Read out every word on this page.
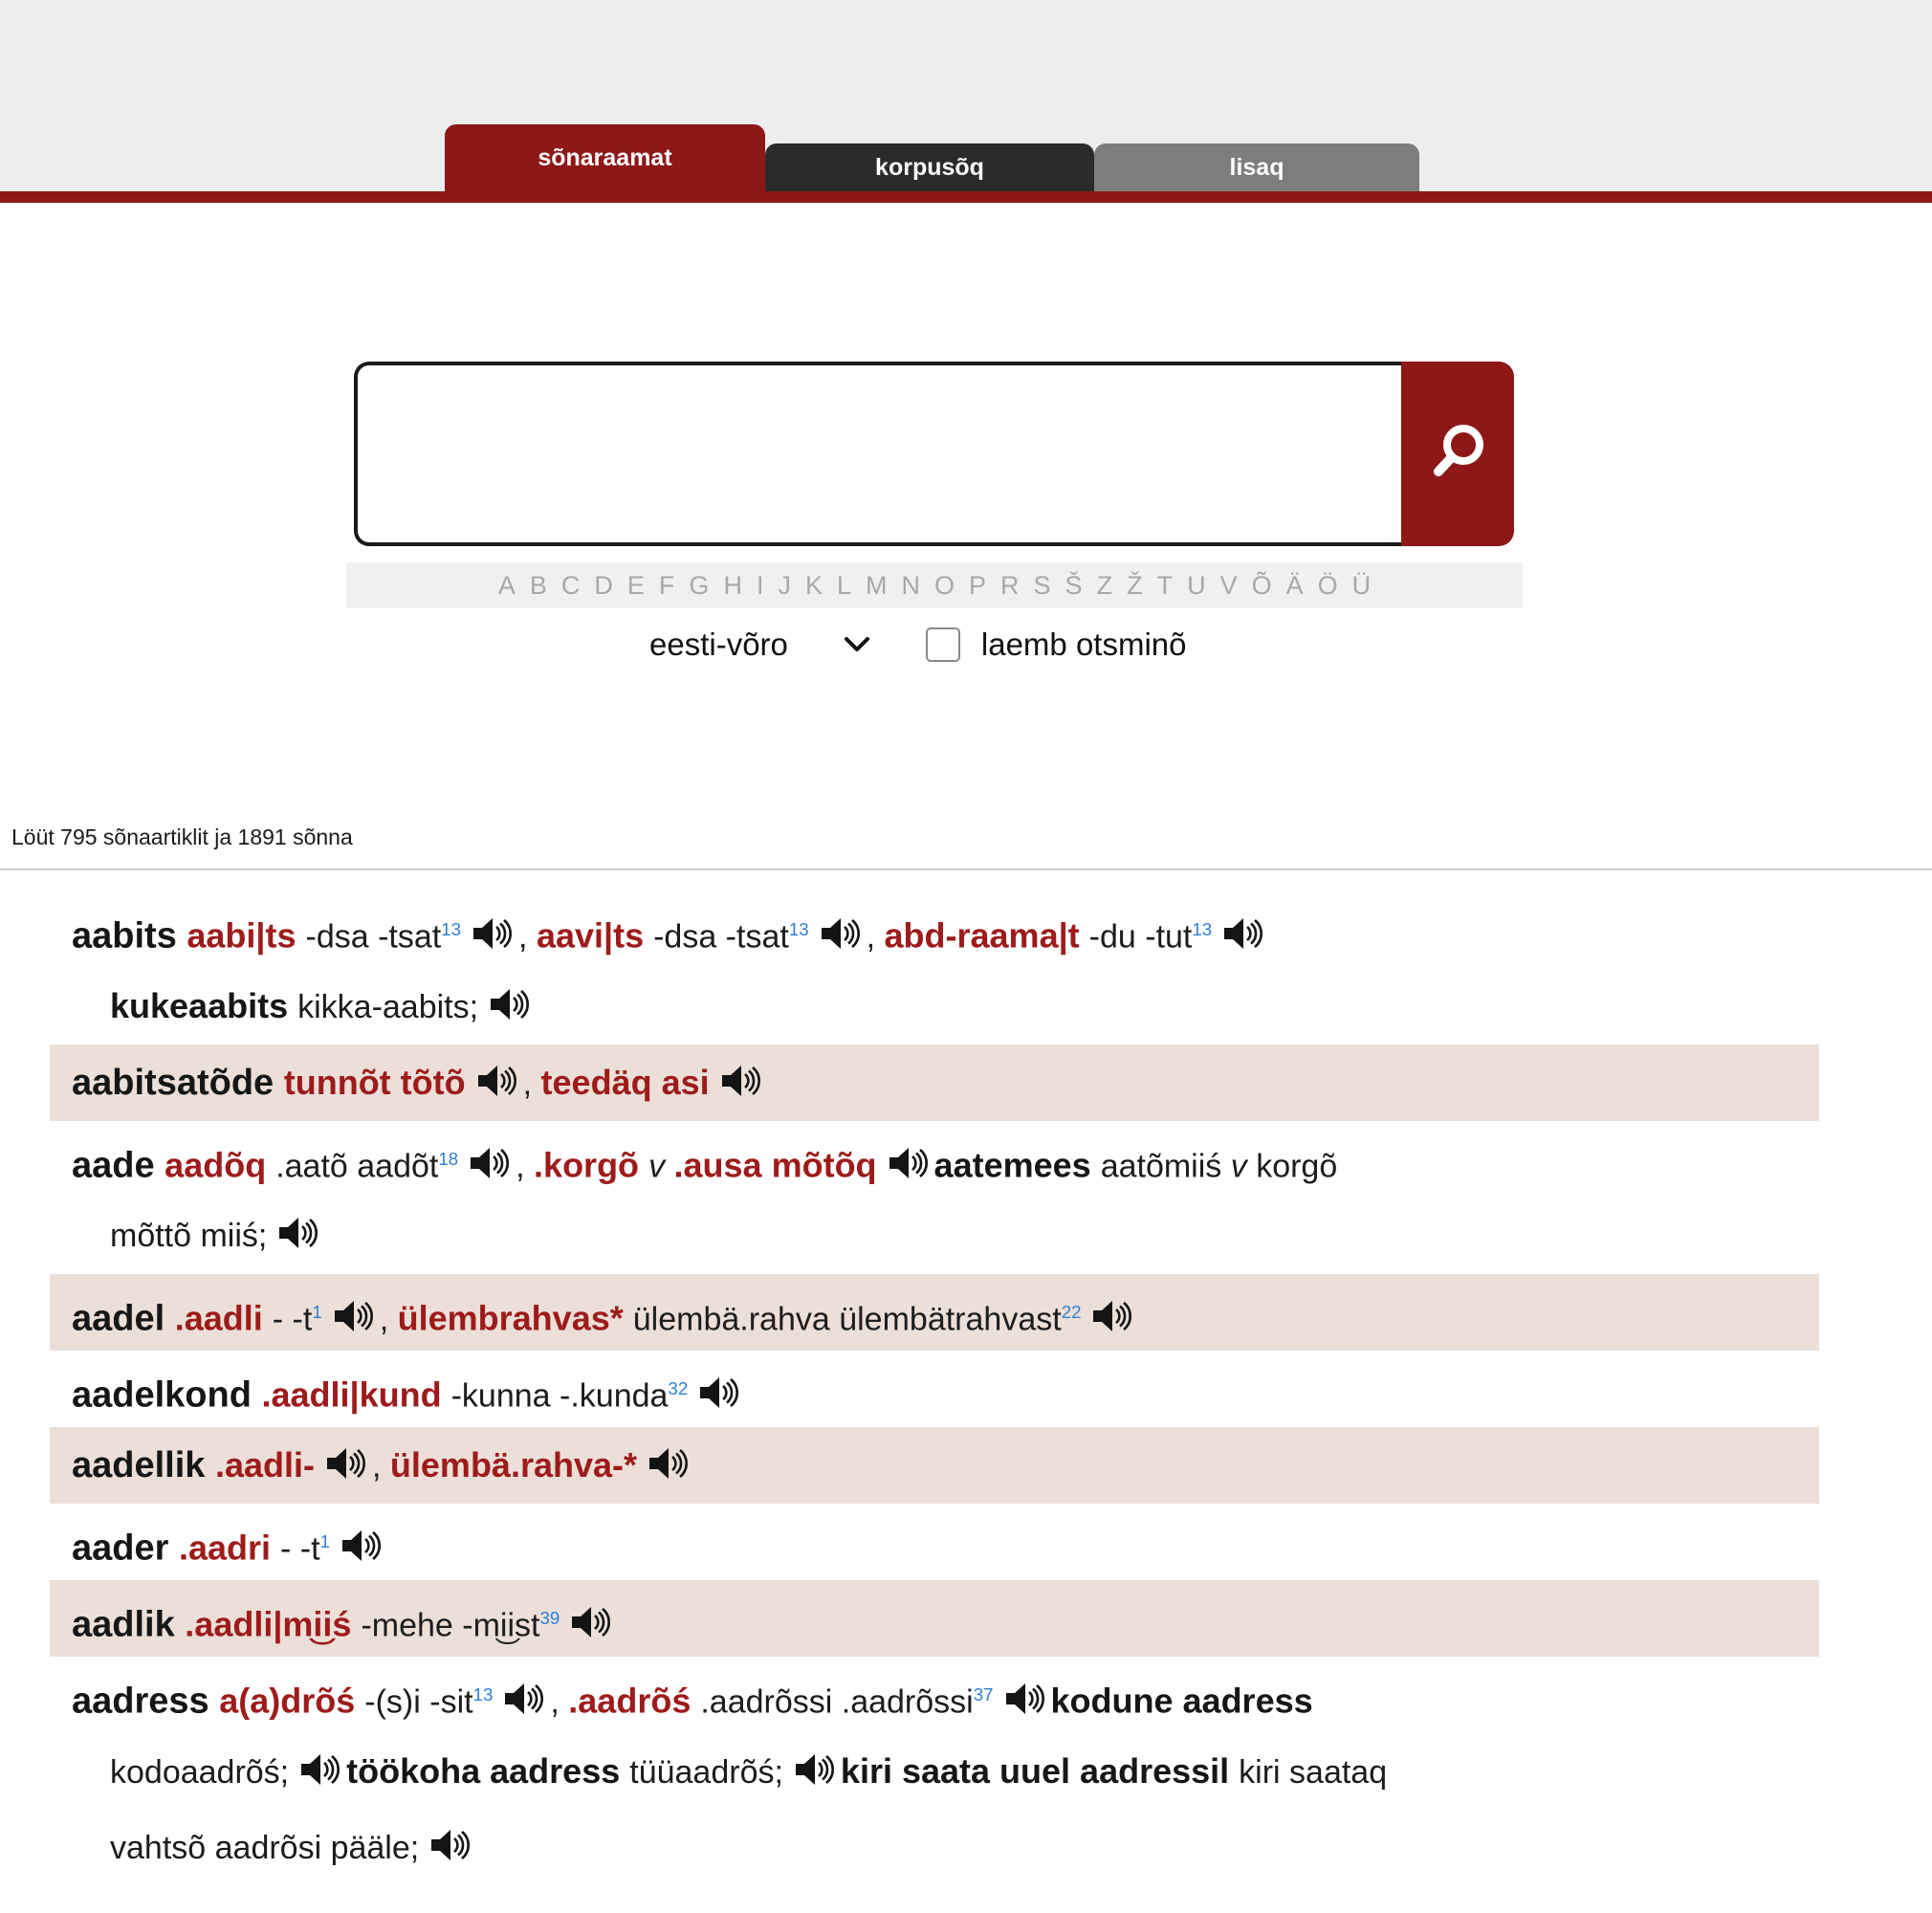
sõnaraamat	korpusõq	lisaq
A B C D E F G H I J K L M N O P R S Š Z Ž T U V Õ Ä Ö Ü
eesti-võro	laemb otsminõ
Löüt 795 sõnaartiklit ja 1891 sõnna
aabits aabi|ts -dsa -tsat$^{13}$ , aavi|ts -dsa -tsat$^{13}$ , abd-raama|t -du -tut$^{13}$
kukeaabits kikka-aabits;
aabitsatõde tunnõt tõtõ , teedäq asi
aade aadõq .aatõ aadõt$^{18}$ , .korgõ v .ausa mõtõq aatemees aatõmiiś v korgõ
mõttõ miiś;
aadel .aadli - $-t^1$ , ülembrahvas* ülembä.rahva ülembätrahvast$^{22}$
aadelkond .aadli|kund -kunna -.kunda$^{32}$
aadellik .aadli- , ülembä.rahva-*
aader .aadri - $-t^1$
aadlik .aadli|mi͜iś -mehe -mi͜ist$^{39}$
aadress a(a)drõś -(s)i -sit$^{13}$ , .aadrõś .aadrõssi .aadrõssi$^{37}$ kodune aadress
kodoaadrõś; töökoha aadress tüüaadrõś; kiri saata uuel aadressil kiri saataq
vahtsõ aadrõsi pääle;
